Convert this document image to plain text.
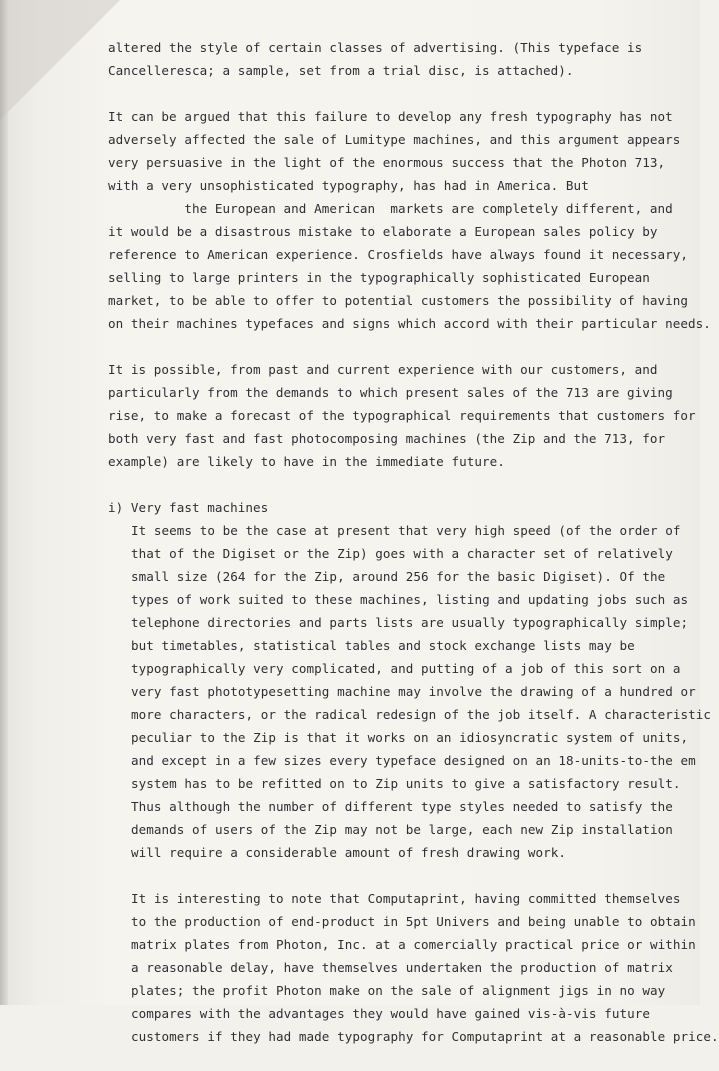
altered the style of certain classes of advertising. (This typeface is
Cancelleresca; a sample, set from a trial disc, is attached).
It can be argued that this failure to develop any fresh typography has not
adversely affected the sale of Lumitype machines, and this argument appears
very persuasive in the light of the enormous success that the Photon 713,
with a very unsophisticated typography, has had in America. But
the European and American  markets are completely different, and
it would be a disastrous mistake to elaborate a European sales policy by
reference to American experience. Crosfields have always found it necessary,
selling to large printers in the typographically sophisticated European
market, to be able to offer to potential customers the possibility of having
on their machines typefaces and signs which accord with their particular needs.
It is possible, from past and current experience with our customers, and
particularly from the demands to which present sales of the 713 are giving
rise, to make a forecast of the typographical requirements that customers for
both very fast and fast photocomposing machines (the Zip and the 713, for
example) are likely to have in the immediate future.
i) Very fast machines
It seems to be the case at present that very high speed (of the order of
that of the Digiset or the Zip) goes with a character set of relatively
small size (264 for the Zip, around 256 for the basic Digiset). Of the
types of work suited to these machines, listing and updating jobs such as
telephone directories and parts lists are usually typographically simple;
but timetables, statistical tables and stock exchange lists may be
typographically very complicated, and putting of a job of this sort on a
very fast phototypesetting machine may involve the drawing of a hundred or
more characters, or the radical redesign of the job itself. A characteristic
peculiar to the Zip is that it works on an idiosyncratic system of units,
and except in a few sizes every typeface designed on an 18-units-to-the em
system has to be refitted on to Zip units to give a satisfactory result.
Thus although the number of different type styles needed to satisfy the
demands of users of the Zip may not be large, each new Zip installation
will require a considerable amount of fresh drawing work.
It is interesting to note that Computaprint, having committed themselves
to the production of end-product in 5pt Univers and being unable to obtain
matrix plates from Photon, Inc. at a comercially practical price or within
a reasonable delay, have themselves undertaken the production of matrix
plates; the profit Photon make on the sale of alignment jigs in no way
compares with the advantages they would have gained vis-à-vis future
customers if they had made typography for Computaprint at a reasonable price.
